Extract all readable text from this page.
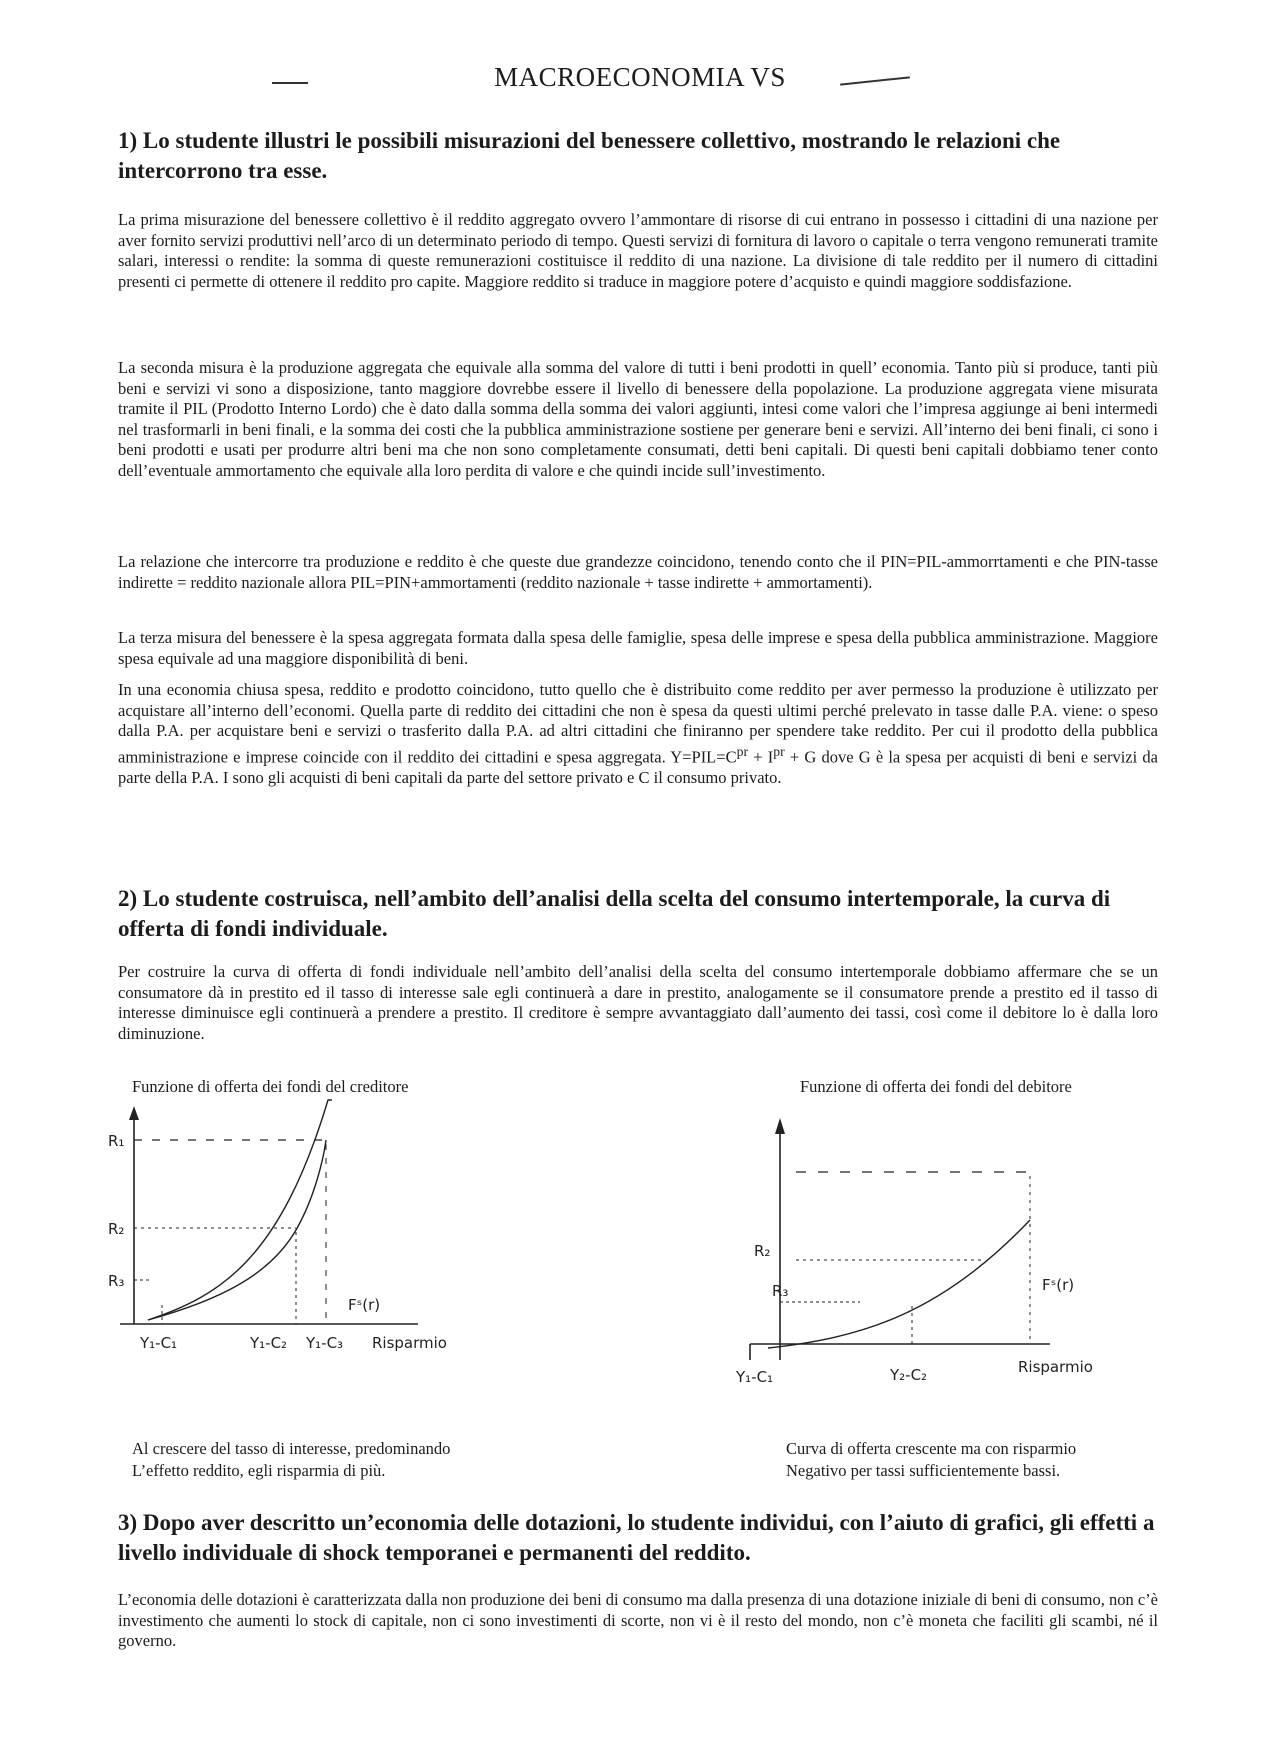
MACROECONOMIA VS
1) Lo studente illustri le possibili misurazioni del benessere collettivo, mostrando le relazioni che intercorrono tra esse.

La prima misurazione del benessere collettivo è il reddito aggregato ovvero l’ammontare di risorse di cui entrano in possesso i cittadini di una nazione per aver fornito servizi produttivi nell’arco di un determinato periodo di tempo. Questi servizi di fornitura di lavoro o capitale o terra vengono remunerati tramite salari, interessi o rendite: la somma di queste remunerazioni costituisce il reddito di una nazione. La divisione di tale reddito per il numero di cittadini presenti ci permette di ottenere il reddito pro capite. Maggiore reddito si traduce in maggiore potere d’acquisto e quindi maggiore soddisfazione.

La seconda misura è la produzione aggregata che equivale alla somma del valore di tutti i beni prodotti in quell’ economia. Tanto più si produce, tanti più beni e servizi vi sono a disposizione, tanto maggiore dovrebbe essere il livello di benessere della popolazione. La produzione aggregata viene misurata tramite il PIL (Prodotto Interno Lordo) che è dato dalla somma della somma dei valori aggiunti, intesi come valori che l’impresa aggiunge ai beni intermedi nel trasformarli in beni finali, e la somma dei costi che la pubblica amministrazione sostiene per generare beni e servizi. All’interno dei beni finali, ci sono i beni prodotti e usati per produrre altri beni ma che non sono completamente consumati, detti beni capitali. Di questi beni capitali dobbiamo tener conto dell’eventuale ammortamento che equivale alla loro perdita di valore e che quindi incide sull’investimento.

La relazione che intercorre tra produzione e reddito è che queste due grandezze coincidono, tenendo conto che il PIN=PIL-ammorrtamenti e che PIN-tasse indirette = reddito nazionale allora PIL=PIN+ammortamenti (reddito nazionale + tasse indirette + ammortamenti).

La terza misura del benessere è la spesa aggregata formata dalla spesa delle famiglie, spesa delle imprese e spesa della pubblica amministrazione. Maggiore spesa equivale ad una maggiore disponibilità di beni.

In una economia chiusa spesa, reddito e prodotto coincidono, tutto quello che è distribuito come reddito per aver permesso la produzione è utilizzato per acquistare all’interno dell’economi. Quella parte di reddito dei cittadini che non è spesa da questi ultimi perché prelevato in tasse dalle P.A. viene: o speso dalla P.A. per acquistare beni e servizi o trasferito dalla P.A. ad altri cittadini che finiranno per spendere take reddito. Per cui il prodotto della pubblica amministrazione e imprese coincide con il reddito dei cittadini e spesa aggregata. $Y=PIL=C^{pr} + I^{pr} + G$ dove G è la spesa per acquisti di beni e servizi da parte della P.A. I sono gli acquisti di beni capitali da parte del settore privato e C il consumo privato.

2) Lo studente costruisca, nell’ambito dell’analisi della scelta del consumo intertemporale, la curva di offerta di fondi individuale.

Per costruire la curva di offerta di fondi individuale nell’ambito dell’analisi della scelta del consumo intertemporale dobbiamo affermare che se un consumatore dà in prestito ed il tasso di interesse sale egli continuerà a dare in prestito, analogamente se il consumatore prende a prestito ed il tasso di interesse diminuisce egli continuerà a prendere a prestito. Il creditore è sempre avvantaggiato dall’aumento dei tassi, così come il debitore lo è dalla loro diminuzione.

Funzione di offerta dei fondi del creditore	Funzione di offerta dei fondi del debitore
R₁
R₂
R₃
Fˢ(r)
Y₁-C₁	Y₁-C₂ Y₁-C₃ Risparmio
R₂
R₃	Fˢ(r)
Y₁-C₁	Y₂-C₂	Risparmio
Al crescere del tasso di interesse, predominando
L’effetto reddito, egli risparmia di più.
Curva di offerta crescente ma con risparmio
Negativo per tassi sufficientemente bassi.
3) Dopo aver descritto un’economia delle dotazioni, lo studente individui, con l’aiuto di grafici, gli effetti a livello individuale di shock temporanei e permanenti del reddito.

L’economia delle dotazioni è caratterizzata dalla non produzione dei beni di consumo ma dalla presenza di una dotazione iniziale di beni di consumo, non c’è investimento che aumenti lo stock di capitale, non ci sono investimenti di scorte, non vi è il resto del mondo, non c’è moneta che faciliti gli scambi, né il governo.
